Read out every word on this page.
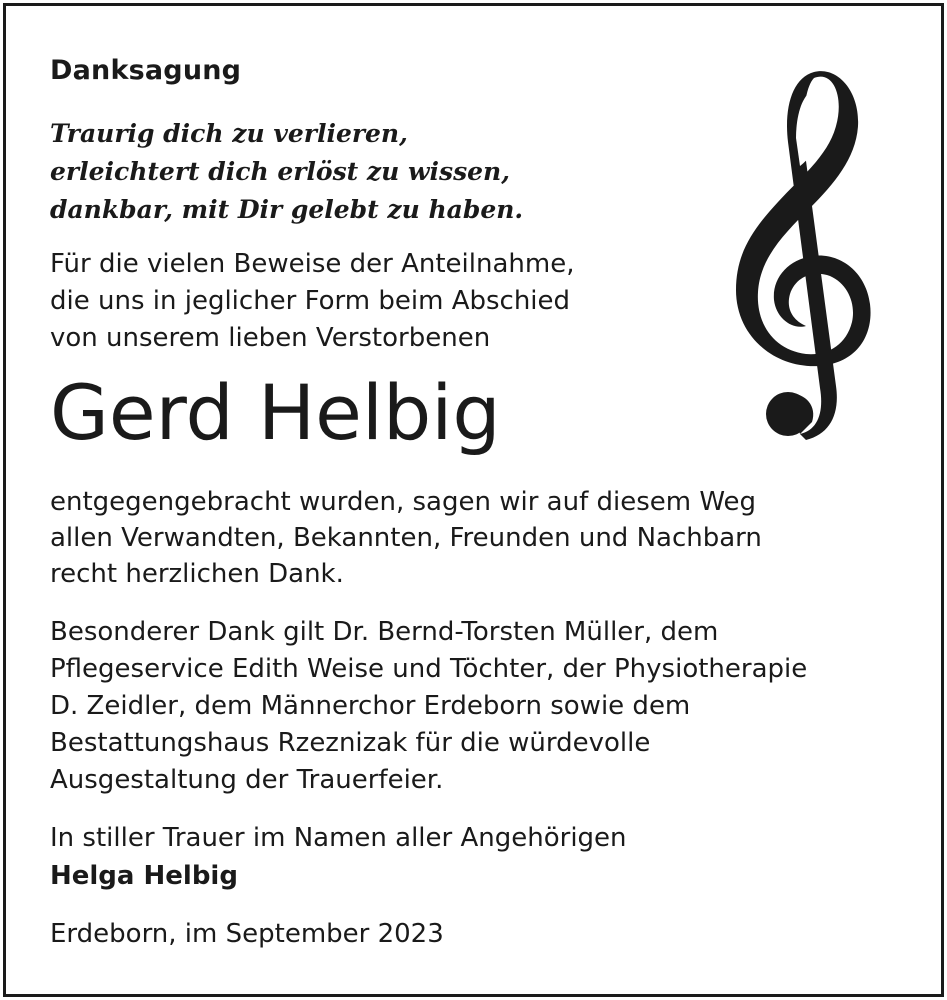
Danksagung
Traurig dich zu verlieren,
erleichtert dich erlöst zu wissen,
dankbar, mit Dir gelebt zu haben.
Für die vielen Beweise der Anteilnahme,
die uns in jeglicher Form beim Abschied
von unserem lieben Verstorbenen
Gerd Helbig
entgegengebracht wurden, sagen wir auf diesem Weg
allen Verwandten, Bekannten, Freunden und Nachbarn
recht herzlichen Dank.
Besonderer Dank gilt Dr. Bernd-Torsten Müller, dem
Pflegeservice Edith Weise und Töchter, der Physiotherapie
D. Zeidler, dem Männerchor Erdeborn sowie dem
Bestattungshaus Rzeznizak für die würdevolle
Ausgestaltung der Trauerfeier.
In stiller Trauer im Namen aller Angehörigen
Helga Helbig
Erdeborn, im September 2023
